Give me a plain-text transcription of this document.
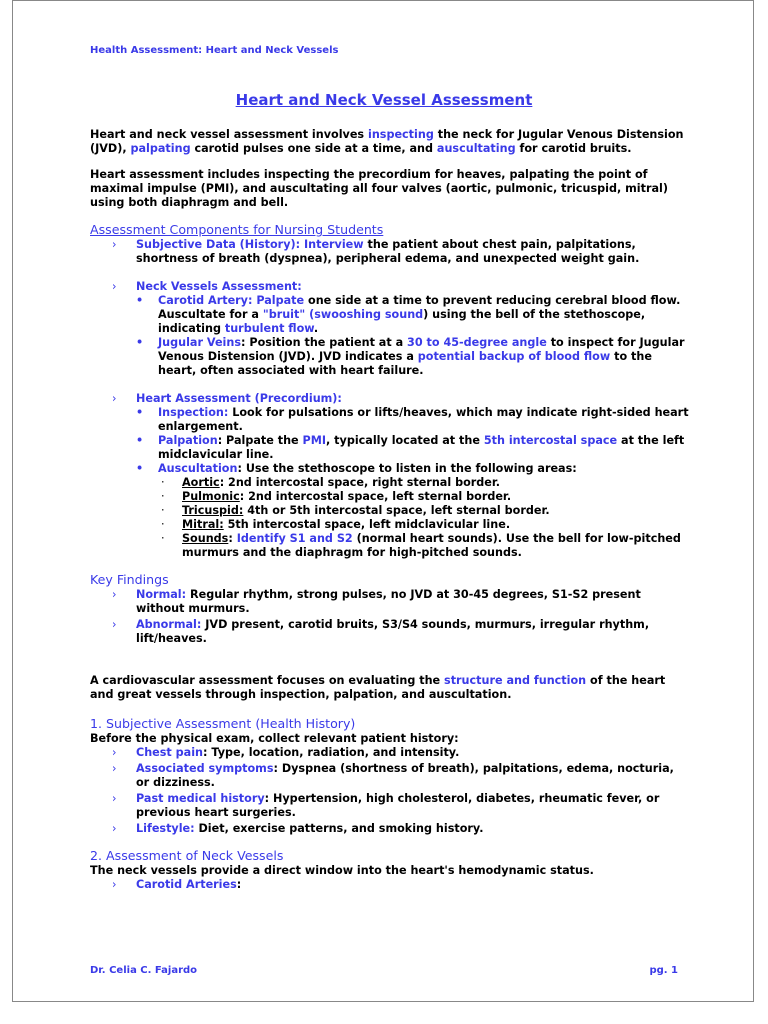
Health Assessment: Heart and Neck Vessels
Heart and Neck Vessel Assessment

Heart and neck vessel assessment involves inspecting the neck for Jugular Venous Distension (JVD), palpating carotid pulses one side at a time, and auscultating for carotid bruits.

Heart assessment includes inspecting the precordium for heaves, palpating the point of maximal impulse (PMI), and auscultating all four valves (aortic, pulmonic, tricuspid, mitral) using both diaphragm and bell.

Assessment Components for Nursing Students
› Subjective Data (History): Interview the patient about chest pain, palpitations, shortness of breath (dyspnea), peripheral edema, and unexpected weight gain.
› Neck Vessels Assessment:
• Carotid Artery: Palpate one side at a time to prevent reducing cerebral blood flow. Auscultate for a "bruit" (swooshing sound) using the bell of the stethoscope, indicating turbulent flow.
• Jugular Veins: Position the patient at a 30 to 45-degree angle to inspect for Jugular Venous Distension (JVD). JVD indicates a potential backup of blood flow to the heart, often associated with heart failure.
› Heart Assessment (Precordium):
• Inspection: Look for pulsations or lifts/heaves, which may indicate right-sided heart enlargement.
• Palpation: Palpate the PMI, typically located at the 5th intercostal space at the left midclavicular line.
• Auscultation: Use the stethoscope to listen in the following areas:
· Aortic: 2nd intercostal space, right sternal border.
· Pulmonic: 2nd intercostal space, left sternal border.
· Tricuspid: 4th or 5th intercostal space, left sternal border.
· Mitral: 5th intercostal space, left midclavicular line.
· Sounds: Identify S1 and S2 (normal heart sounds). Use the bell for low-pitched murmurs and the diaphragm for high-pitched sounds.
Key Findings
› Normal: Regular rhythm, strong pulses, no JVD at 30-45 degrees, S1-S2 present without murmurs.
› Abnormal: JVD present, carotid bruits, S3/S4 sounds, murmurs, irregular rhythm, lift/heaves.

A cardiovascular assessment focuses on evaluating the structure and function of the heart and great vessels through inspection, palpation, and auscultation.

1. Subjective Assessment (Health History)

Before the physical exam, collect relevant patient history:

› Chest pain: Type, location, radiation, and intensity.
› Associated symptoms: Dyspnea (shortness of breath), palpitations, edema, nocturia, or dizziness.
› Past medical history: Hypertension, high cholesterol, diabetes, rheumatic fever, or previous heart surgeries.
› Lifestyle: Diet, exercise patterns, and smoking history.
2. Assessment of Neck Vessels

The neck vessels provide a direct window into the heart's hemodynamic status.

› Carotid Arteries:
Dr. Celia C. Fajardo	pg. 1
